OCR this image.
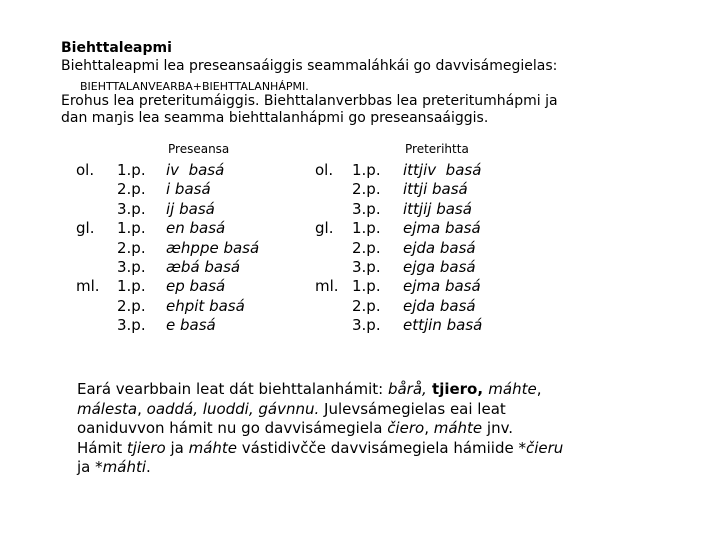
Biehttaleapmi
Biehttaleapmi lea preseansaáiggis seammaláhkái go davvisámegielas:
BIEHTTALANVEARBA+BIEHTTALANHÁPMI.
Erohus lea preteritumáiggis. Biehttalanverbbas lea preteritumhápmi ja
dan maŋis lea seamma biehttalanhápmi go preseansaáiggis.
Preseansa	Preterihtta
ol.

gl.

ml.
1.p.
2.p.
3.p.
1.p.
2.p.
3.p.
1.p.
2.p.
3.p.
iv  basá
i basá
ij basá
en basá
æhppe basá
æbá basá
ep basá
ehpit basá
e basá
ol.

gl.

ml.
1.p.
2.p.
3.p.
1.p.
2.p.
3.p.
1.p.
2.p.
3.p.
ittjiv  basá
ittji basá
ittjij basá
ejma basá
ejda basá
ejga basá
ejma basá
ejda basá
ettjin basá

Eará vearbbain leat dát biehttalanhámit: bårå, tjiero, máhte,

málesta, oaddá, luoddi, gávnnu. Julevsámegielas eai leat

oaniduvvon hámit nu go davvisámegiela čiero, máhte jnv.

Hámit tjiero ja máhte vástidivčče davvisámegiela hámiide *čieru

ja *máhti.
